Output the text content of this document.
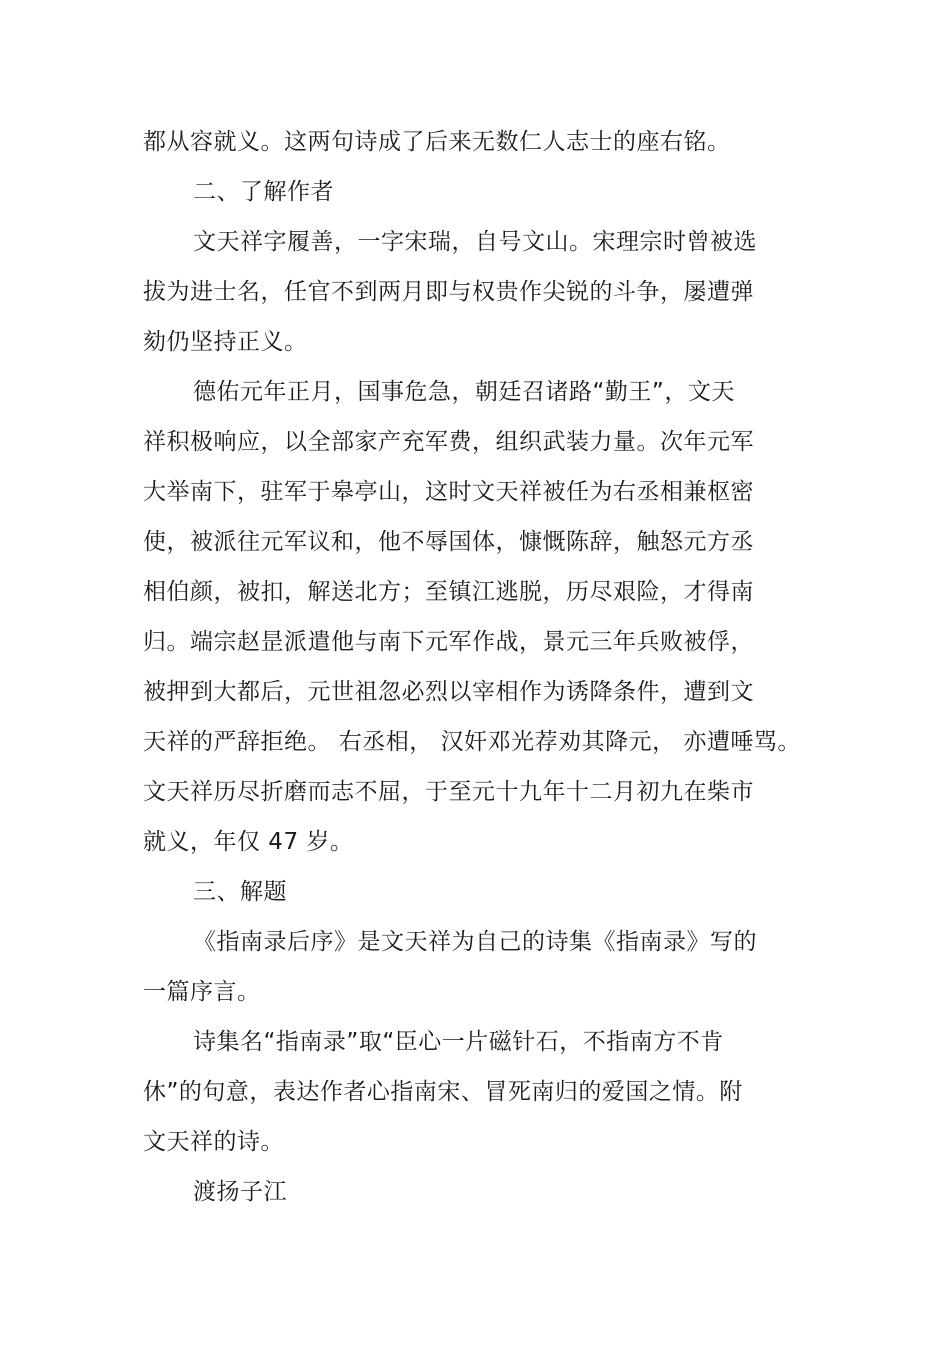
都从容就义。这两句诗成了后来无数仁人志士的座右铭。
二、了解作者
文天祥字履善，一字宋瑞，自号文山。宋理宗时曾被选
拔为进士名，任官不到两月即与权贵作尖锐的斗争，屡遭弹
劾仍坚持正义。
德佑元年正月，国事危急，朝廷召诸路“勤王”，文天
祥积极响应，以全部家产充军费，组织武装力量。次年元军
大举南下，驻军于皋亭山，这时文天祥被任为右丞相兼枢密
使，被派往元军议和，他不辱国体，慷慨陈辞，触怒元方丞
相伯颜，被扣，解送北方；至镇江逃脱，历尽艰险，才得南
归。端宗赵昰派遣他与南下元军作战，景元三年兵败被俘，
被押到大都后，元世祖忽必烈以宰相作为诱降条件，遭到文
天祥的严辞拒绝。 右丞相， 汉奸邓光荐劝其降元， 亦遭唾骂。
文天祥历尽折磨而志不屈，于至元十九年十二月初九在柴市
就义，年仅 47 岁。
三、解题
《指南录后序》是文天祥为自己的诗集《指南录》写的
一篇序言。
诗集名“指南录”取“臣心一片磁针石，不指南方不肯
休”的句意，表达作者心指南宋、冒死南归的爱国之情。附
文天祥的诗。
渡扬子江
